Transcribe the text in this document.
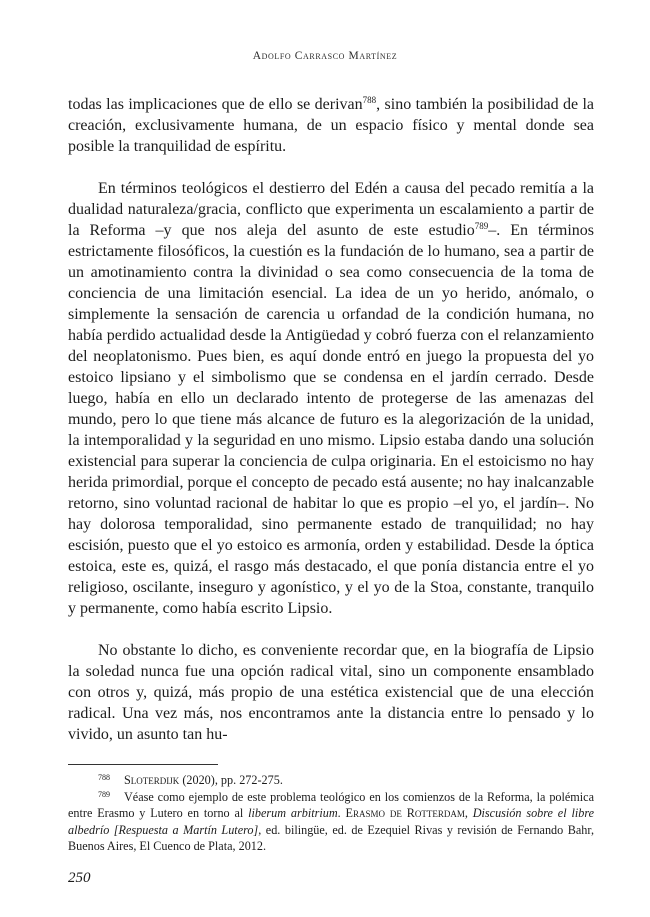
Adolfo Carrasco Martínez

todas las implicaciones que de ello se derivan$^{788}$, sino también la posibilidad de la creación, exclusivamente humana, de un espacio físico y mental donde sea posible la tranquilidad de espíritu.

En términos teológicos el destierro del Edén a causa del pecado remitía a la dualidad naturaleza/gracia, conflicto que experimenta un escalamiento a partir de la Reforma –y que nos aleja del asunto de este estudio$^{789}$–. En términos estrictamente filosóficos, la cuestión es la fundación de lo humano, sea a partir de un amotinamiento contra la divinidad o sea como consecuencia de la toma de conciencia de una limitación esencial. La idea de un yo herido, anómalo, o simplemente la sensación de carencia u orfandad de la condición humana, no había perdido actualidad desde la Antigüedad y cobró fuerza con el relanzamiento del neoplatonismo. Pues bien, es aquí donde entró en juego la propuesta del yo estoico lipsiano y el simbolismo que se condensa en el jardín cerrado. Desde luego, había en ello un declarado intento de protegerse de las amenazas del mundo, pero lo que tiene más alcance de futuro es la alegorización de la unidad, la intemporalidad y la seguridad en uno mismo. Lipsio estaba dando una solución existencial para superar la conciencia de culpa originaria. En el estoicismo no hay herida primordial, porque el concepto de pecado está ausente; no hay inalcanzable retorno, sino voluntad racional de habitar lo que es propio –el yo, el jardín–. No hay dolorosa temporalidad, sino permanente estado de tranquilidad; no hay escisión, puesto que el yo estoico es armonía, orden y estabilidad. Desde la óptica estoica, este es, quizá, el rasgo más destacado, el que ponía distancia entre el yo religioso, oscilante, inseguro y agonístico, y el yo de la Stoa, constante, tranquilo y permanente, como había escrito Lipsio.

No obstante lo dicho, es conveniente recordar que, en la biografía de Lipsio la soledad nunca fue una opción radical vital, sino un componente ensamblado con otros y, quizá, más propio de una estética existencial que de una elección radical. Una vez más, nos encontramos ante la distancia entre lo pensado y lo vivido, un asunto tan hu-

$^{788}$ Sloterdijk (2020), pp. 272-275.

$^{789}$ Véase como ejemplo de este problema teológico en los comienzos de la Reforma, la polémica entre Erasmo y Lutero en torno al liberum arbitrium. Erasmo de Rotterdam, Discusión sobre el libre albedrío [Respuesta a Martín Lutero], ed. bilingüe, ed. de Ezequiel Rivas y revisión de Fernando Bahr, Buenos Aires, El Cuenco de Plata, 2012.

250
